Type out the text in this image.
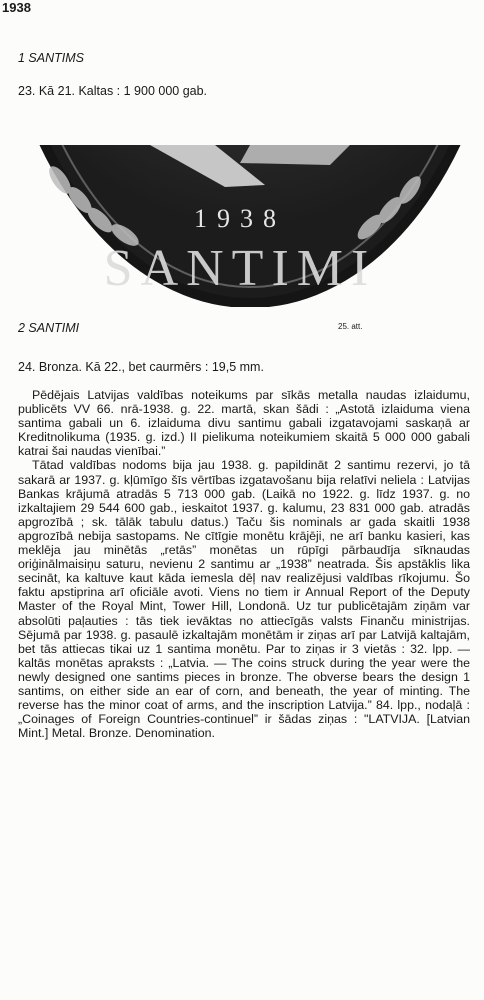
1938
1 SANTIMS
23. Kā 21. Kaltas : 1 900 000 gab.
1938
SANTIMI
2 SANTIMI	25. att.
24. Bronza. Kā 22., bet caurmērs : 19,5 mm.

Pēdējais Latvijas valdības noteikums par sīkās metalla naudas izlaidumu, publicēts VV 66. nrā-1938. g. 22. martā, skan šādi : „Astotā izlaiduma viena santima gabali un 6. izlaiduma divu santimu gabali izgatavojami saskaņā ar Kreditnolikuma (1935. g. izd.) II pielikuma noteikumiem skaitā 5 000 000 gabali katrai šai naudas vienībai.”

Tātad valdības nodoms bija jau 1938. g. papildināt 2 santimu rezervi, jo tā sakarā ar 1937. g. kļūmīgo šīs vērtības izgatavošanu bija relatīvi neliela : Latvijas Bankas krājumā atradās 5 713 000 gab. (Laikā no 1922. g. līdz 1937. g. no izkaltajiem 29 544 600 gab., ieskaitot 1937. g. kalumu, 23 831 000 gab. atradās apgrozībā ; sk. tālāk tabulu datus.) Taču šis nominals ar gada skaitli 1938 apgrozībā nebija sastopams. Ne cītīgie monētu krājēji, ne arī banku kasieri, kas meklēja jau minētās „retās” monētas un rūpīgi pārbaudīja sīknaudas oriģinālmaisiņu saturu, nevienu 2 santimu ar „1938” neatrada. Šis apstāklis lika secināt, ka kaltuve kaut kāda iemesla dēļ nav realizējusi valdības rīkojumu. Šo faktu apstiprina arī oficiāle avoti. Viens no tiem ir Annual Report of the Deputy Master of the Royal Mint, Tower Hill, Londonā. Uz tur publicētajām ziņām var absolūti paļauties : tās tiek ievāktas no attiecīgās valsts Finanču ministrijas. Sējumā par 1938. g. pasaulē izkaltajām monētām ir ziņas arī par Latvijā kaltajām, bet tās attiecas tikai uz 1 santima monētu. Par to ziņas ir 3 vietās : 32. lpp. — kaltās monētas apraksts : „Latvia. — The coins struck during the year were the newly designed one santims pieces in bronze. The obverse bears the design 1 santims, on either side an ear of corn, and beneath, the year of minting. The reverse has the minor coat of arms, and the inscription Latvija.” 84. lpp., nodaļā : „Coinages of Foreign Countries-continuel” ir šādas ziņas : "LATVIJA. [Latvian Mint.] Metal. Bronze. Denomination.
